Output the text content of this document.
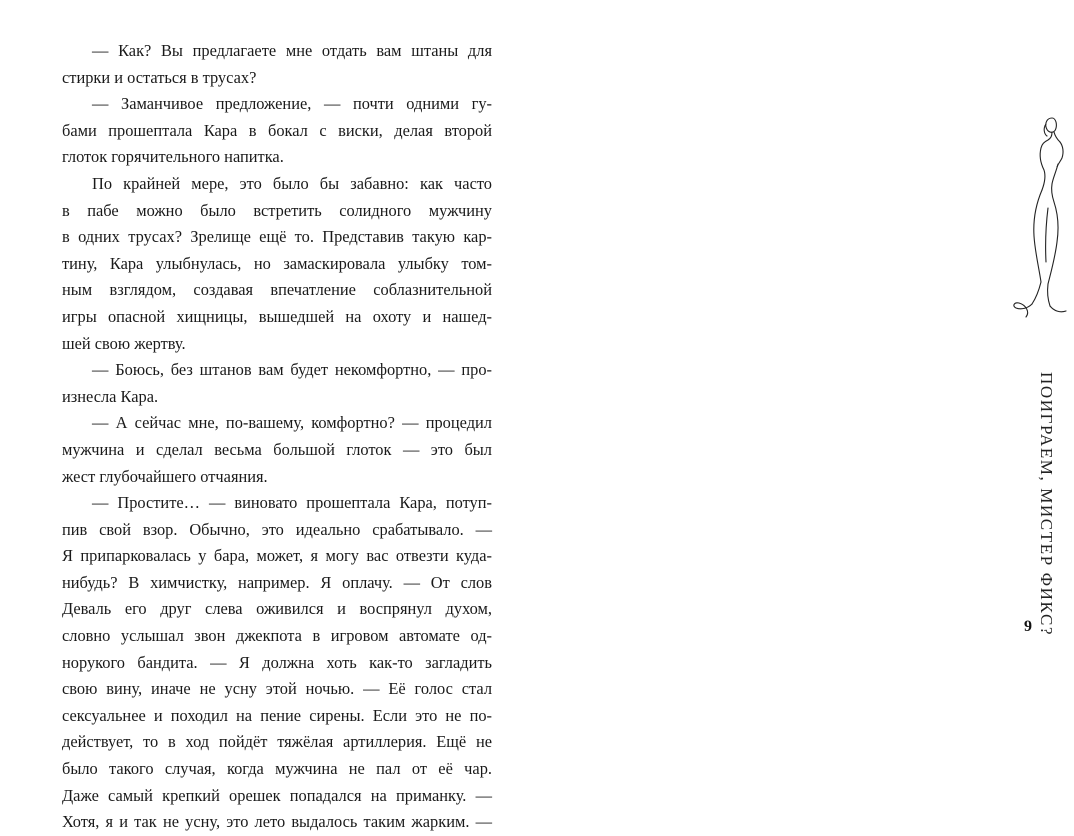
— Как? Вы предлагаете мне отдать вам штаны для
стирки и остаться в трусах?
— Заманчивое предложение, — почти одними гу-
бами прошептала Кара в бокал с виски, делая второй
глоток горячительного напитка.
По крайней мере, это было бы забавно: как часто
в пабе можно было встретить солидного мужчину
в одних трусах? Зрелище ещё то. Представив такую кар-
тину, Кара улыбнулась, но замаскировала улыбку том-
ным взглядом, создавая впечатление соблазнительной
игры опасной хищницы, вышедшей на охоту и нашед-
шей свою жертву.
— Боюсь, без штанов вам будет некомфортно, — про-
изнесла Кара.
— А сейчас мне, по-вашему, комфортно? — процедил
мужчина и сделал весьма большой глоток — это был
жест глубочайшего отчаяния.
— Простите… — виновато прошептала Кара, потуп-
пив свой взор. Обычно, это идеально срабатывало. —
Я припарковалась у бара, может, я могу вас отвезти куда-
нибудь? В химчистку, например. Я оплачу. — От слов
Деваль его друг слева оживился и воспрянул духом,
словно услышал звон джекпота в игровом автомате од-
норукого бандита. — Я должна хоть как-то загладить
свою вину, иначе не усну этой ночью. — Её голос стал
сексуальнее и походил на пение сирены. Если это не по-
действует, то в ход пойдёт тяжёлая артиллерия. Ещё не
было такого случая, когда мужчина не пал от её чар.
Даже самый крепкий орешек попадался на приманку. —
Хотя, я и так не усну, это лето выдалось таким жарким. —
ПОИГРАЕМ, МИСТЕР ФИКС?
9
